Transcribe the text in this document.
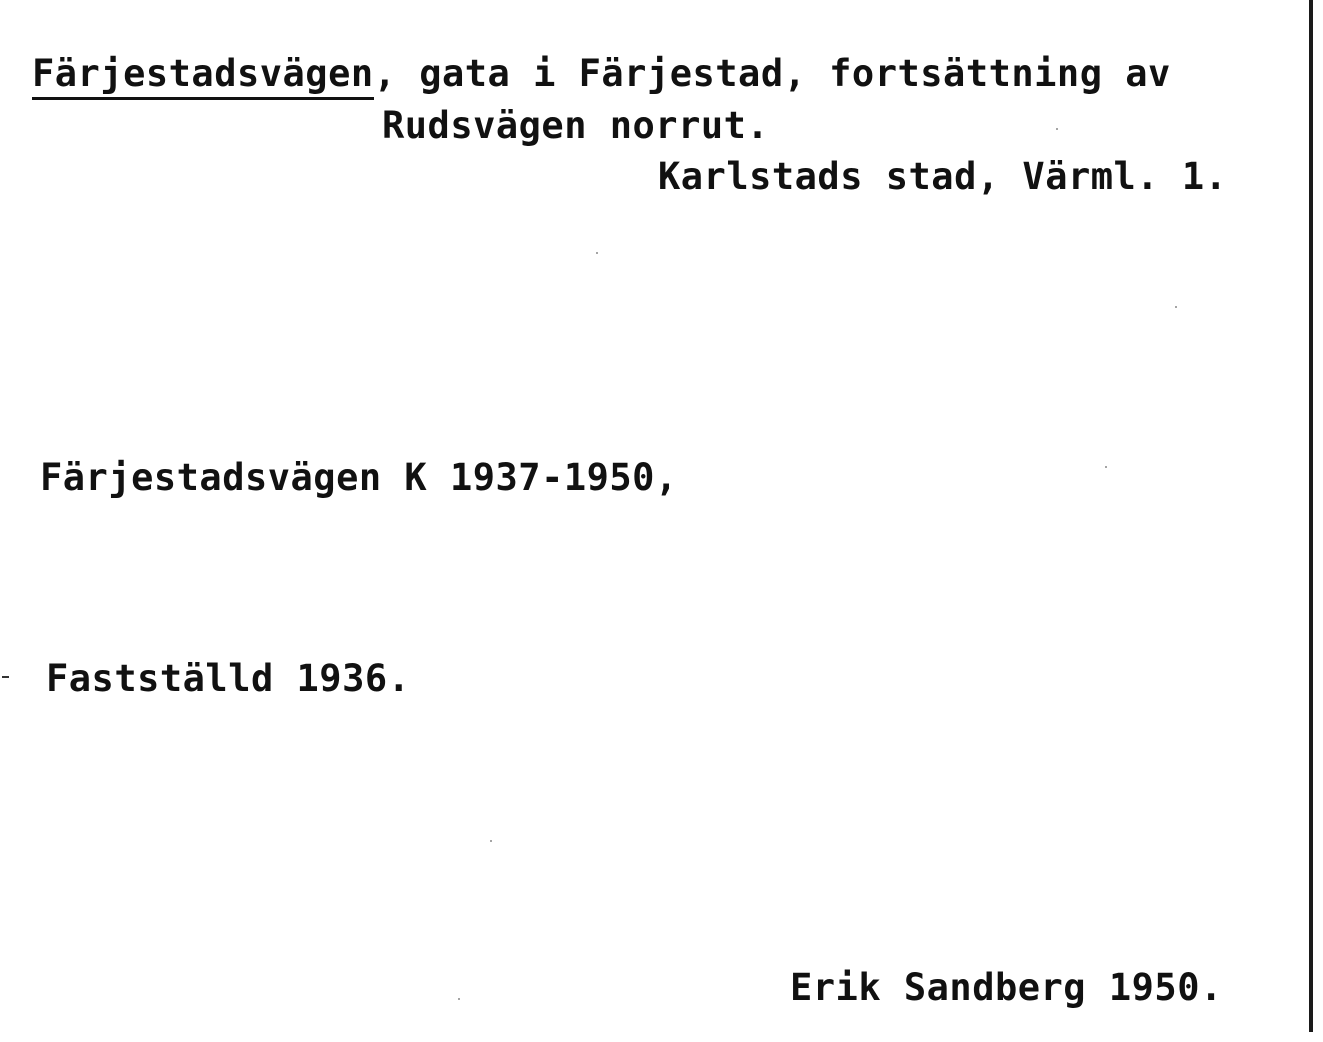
Färjestadsvägen, gata i Färjestad, fortsättning av
Rudsvägen norrut.
Karlstads stad, Värml. 1.
Färjestadsvägen K 1937-1950,
Fastställd 1936.
Erik Sandberg 1950.
